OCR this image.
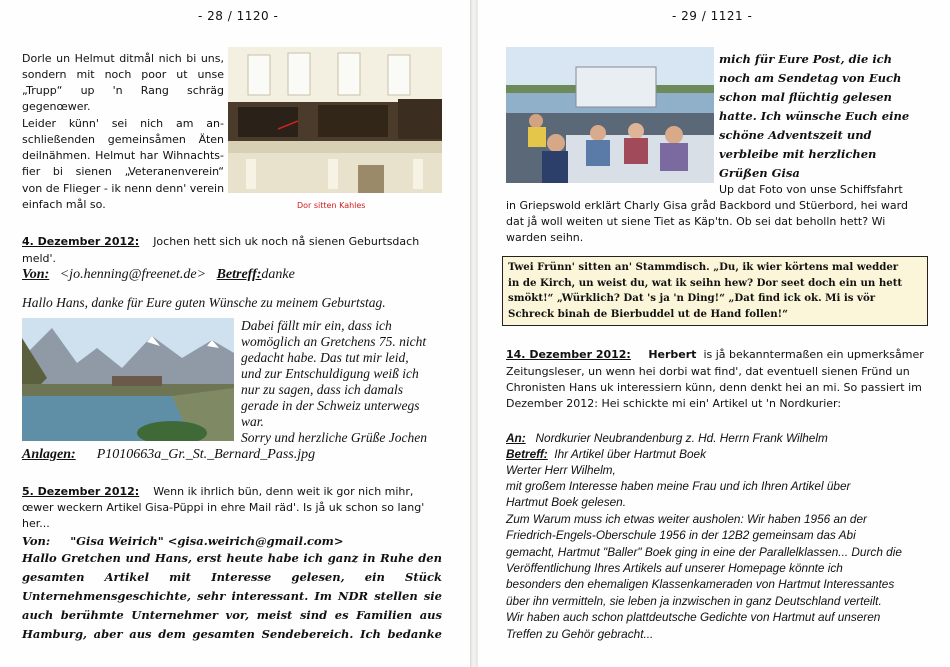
- 28 / 1120 -

Dorle un Helmut ditmål nich bi uns,

sondern mit noch poor ut unse

„Trupp“ up 'n Rang schräg

gegenœwer.

Leider künn' sei nich am an-

schließenden gemeinsåmen Äten

deilnähmen. Helmut har Wihnachts-

fier bi sienen „Veteranenverein“

von de Flieger - ik nenn denn' verein

einfach mål so.	Dor sitten Kahles

4. Dezember 2012: Jochen hett sich uk noch nå sienen Geburtsdach

meld'.

Von: <jo.henning@freenet.de> Betreff:danke

Hallo Hans, danke für Eure guten Wünsche zu meinem Geburtstag.

Dabei fällt mir ein, dass ich

womöglich an Gretchens 75. nicht

gedacht habe. Das tut mir leid,

und zur Entschuldigung weiß ich

nur zu sagen, dass ich damals

gerade in der Schweiz unterwegs

war.

Sorry und herzliche Grüße Jochen

Anlagen: P1010663a_Gr._St._Bernard_Pass.jpg

5. Dezember 2012: Wenn ik ihrlich bün, denn weit ik gor nich mihr,

œwer weckern Artikel Gisa-Püppi in ehre Mail räd'. Is jå uk schon so lang'

her...

Von: "Gisa Weirich" <gisa.weirich@gmail.com>

Hallo Gretchen und Hans, erst heute habe ich ganz in Ruhe den

gesamten Artikel mit Interesse gelesen, ein Stück

Unternehmensgeschichte, sehr interessant. Im NDR stellen sie

auch berühmte Unternehmer vor, meist sind es Familien aus

Hamburg, aber aus dem gesamten Sendebereich. Ich bedanke

- 29 / 1121 -

mich für Eure Post, die ich

noch am Sendetag von Euch

schon mal flüchtig gelesen

hatte. Ich wünsche Euch eine

schöne Adventszeit und

verbleibe mit herzlichen

Grüßen Gisa

Up dat Foto von unse Schiffsfahrt

in Griepswold erklärt Charly Gisa gråd Backbord und Stüerbord, hei ward

dat jå woll weiten ut siene Tiet as Käp'tn. Ob sei dat beholln hett? Wi

warden seihn.

Twei Frünn' sitten an' Stammdisch. „Du, ik wier körtens mal wedder

in de Kirch, un weist du, wat ik seihn hew? Dor seet doch ein un hett

smökt!“ „Würklich? Dat 's ja 'n Ding!“ „Dat find ick ok. Mi is vör

Schreck binah de Bierbuddel ut de Hand follen!“

14. Dezember 2012: Herbert is jå bekanntermaßen ein upmerksåmer

Zeitungsleser, un wenn hei dorbi wat find', dat eventuell sienen Fründ un

Chronisten Hans uk interessiern künn, denn denkt hei an mi. So passiert im

Dezember 2012: Hei schickte mi ein' Artikel ut 'n Nordkurier:

An: Nordkurier Neubrandenburg z. Hd. Herrn Frank Wilhelm

Betreff: Ihr Artikel über Hartmut Boek

Werter Herr Wilhelm,

mit großem Interesse haben meine Frau und ich Ihren Artikel über

Hartmut Boek gelesen.

Zum Warum muss ich etwas weiter ausholen: Wir haben 1956 an der

Friedrich-Engels-Oberschule 1956 in der 12B2 gemeinsam das Abi

gemacht, Hartmut "Baller" Boek ging in eine der Parallelklassen... Durch die

Veröffentlichung Ihres Artikels auf unserer Homepage könnte ich

besonders den ehemaligen Klassenkameraden von Hartmut Interessantes

über ihn vermitteln, sie leben ja inzwischen in ganz Deutschland verteilt.

Wir haben auch schon plattdeutsche Gedichte von Hartmut auf unseren

Treffen zu Gehör gebracht...
